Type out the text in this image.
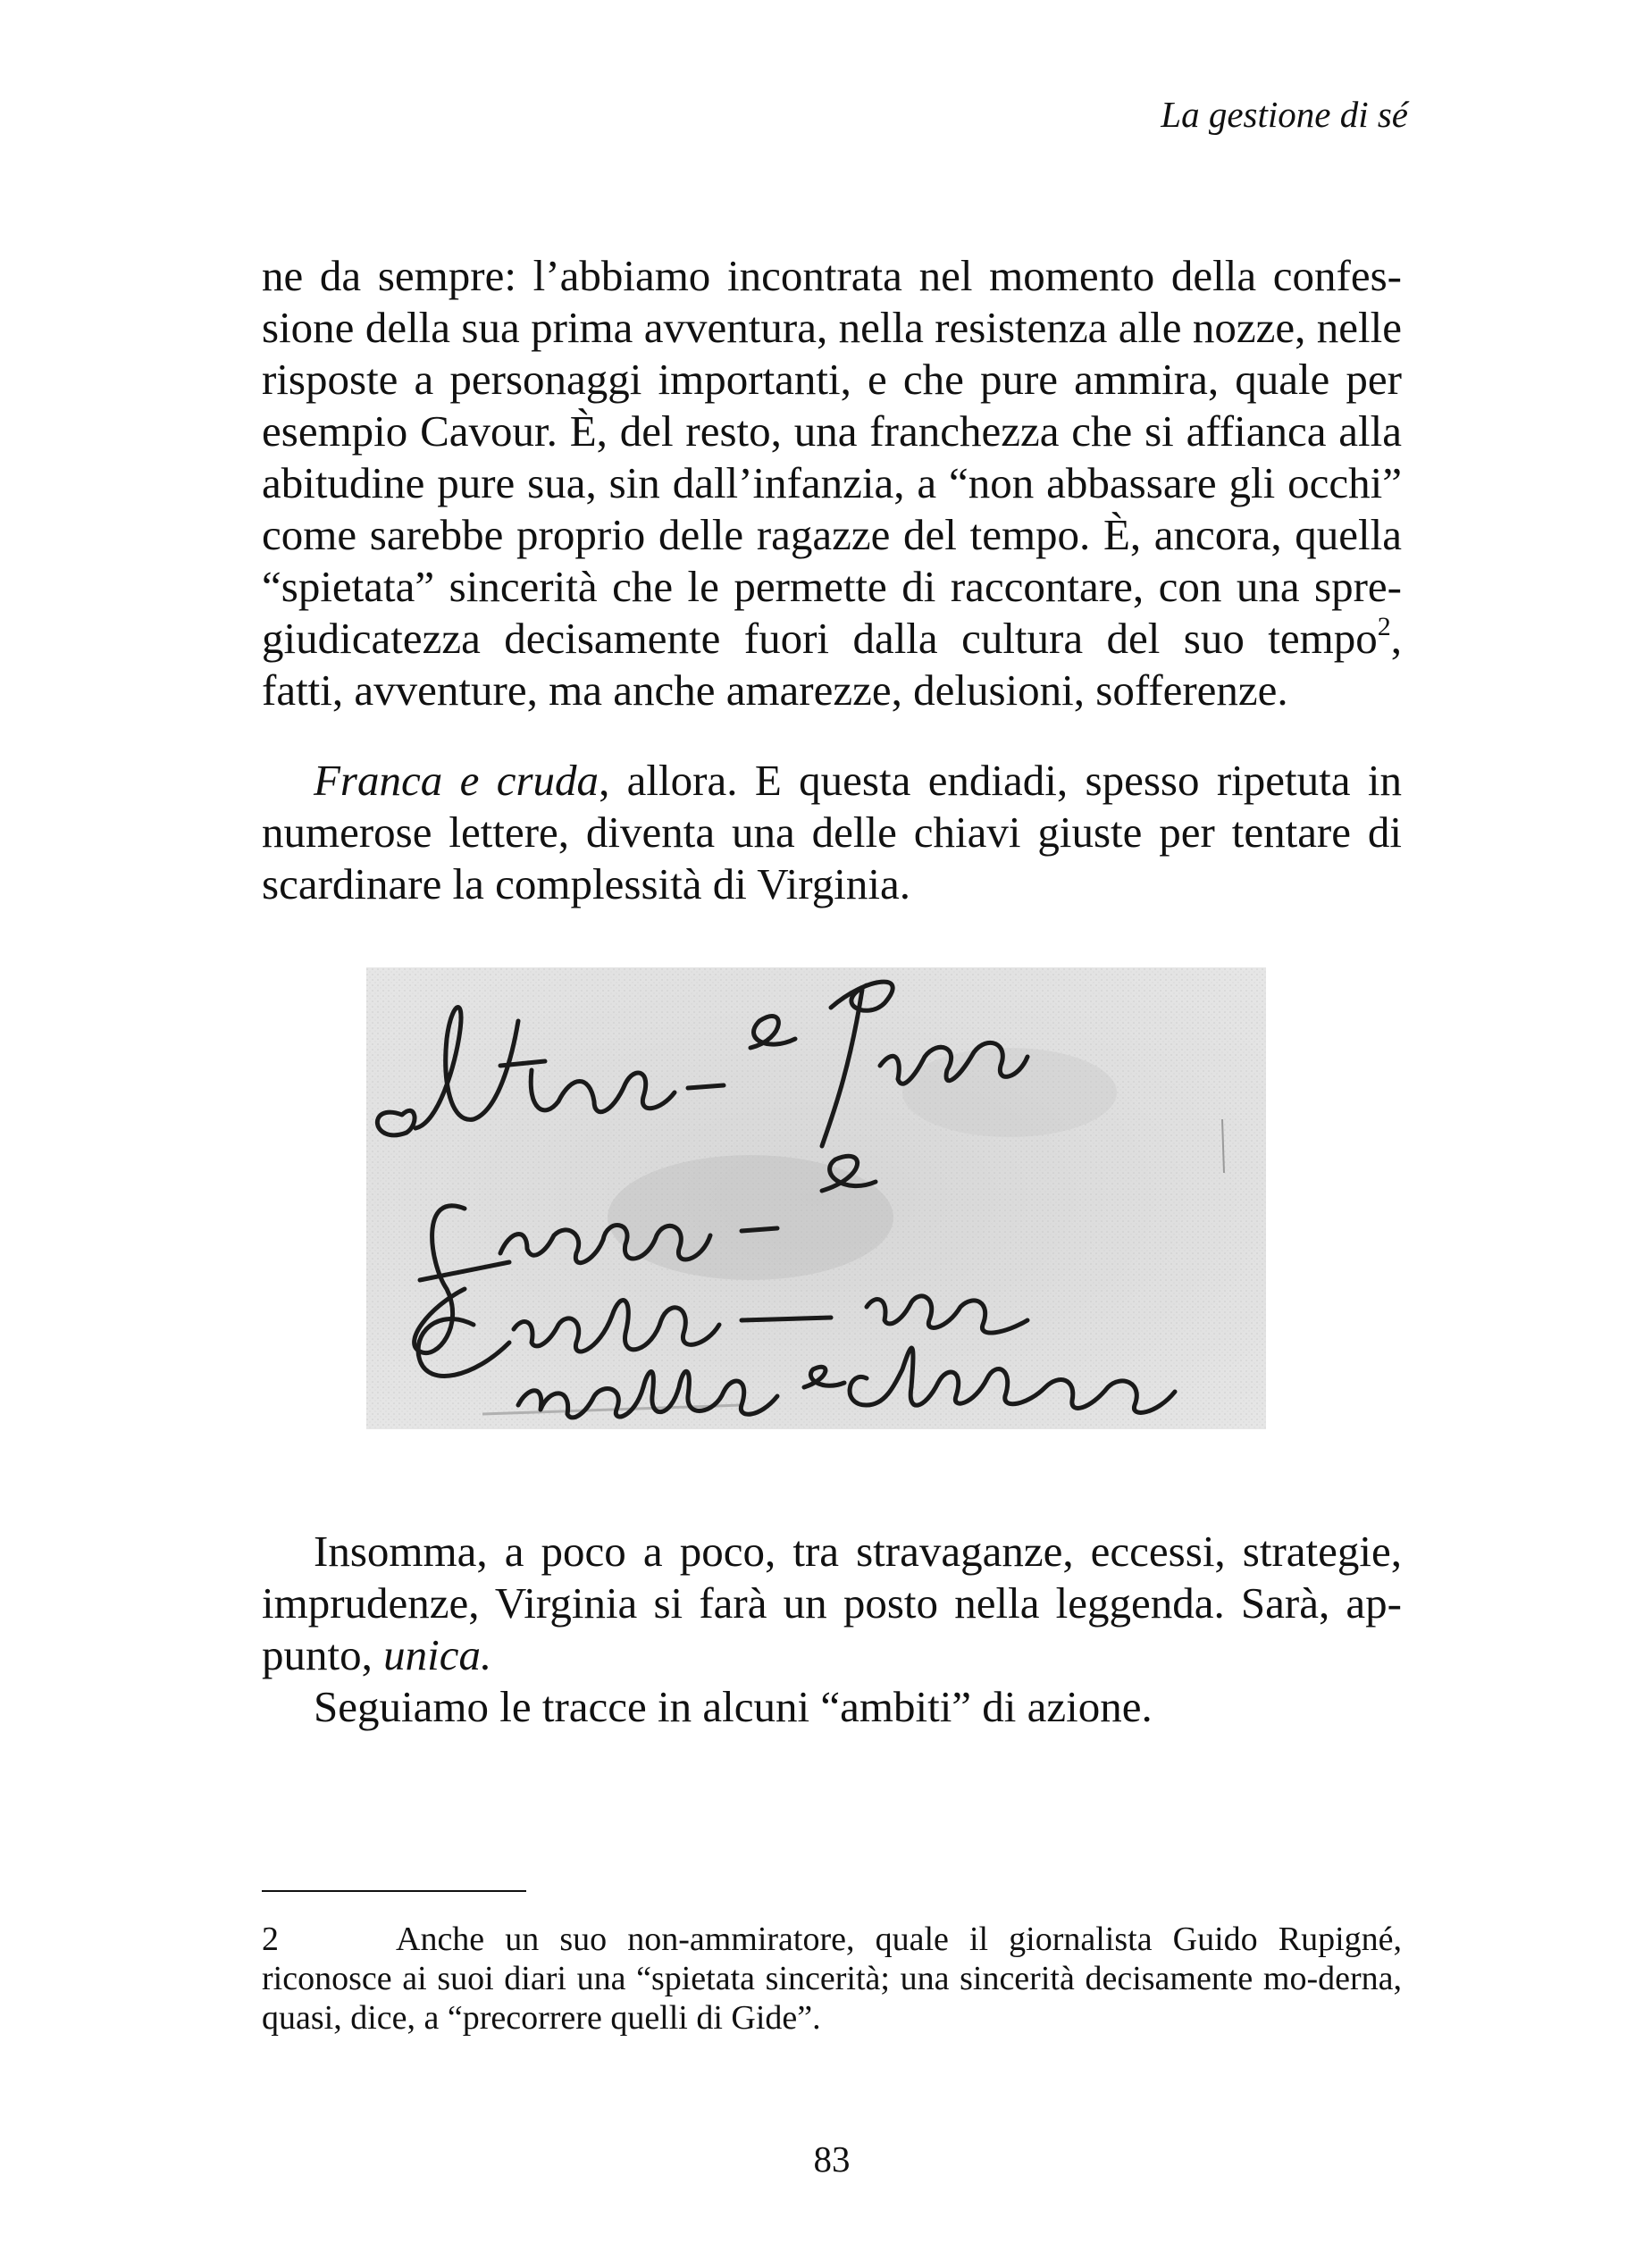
La gestione di sé
ne da sempre: l’abbiamo incontrata nel momento della confes-sione della sua prima avventura, nella resistenza alle nozze, nelle risposte a personaggi importanti, e che pure ammira, quale per esempio Cavour. È, del resto, una franchezza che si affianca alla abitudine pure sua, sin dall’infanzia, a “non abbassare gli occhi” come sarebbe proprio delle ragazze del tempo. È, ancora, quella “spietata” sincerità che le permette di raccontare, con una spre-giudicatezza decisamente fuori dalla cultura del suo tempo$^2$, fatti, avventure, ma anche amarezze, delusioni, sofferenze.
Franca e cruda, allora. E questa endiadi, spesso ripetuta in numerose lettere, diventa una delle chiavi giuste per tentare di scardinare la complessità di Virginia.
Insomma, a poco a poco, tra stravaganze, eccessi, strategie, imprudenze, Virginia si farà un posto nella leggenda. Sarà, ap-punto, unica.
Seguiamo le tracce in alcuni “ambiti” di azione.
2	Anche un suo non-ammiratore, quale il giornalista Guido Rupigné, riconosce ai suoi diari una “spietata sincerità; una sincerità decisamente mo-derna, quasi, dice, a “precorrere quelli di Gide”.
83
